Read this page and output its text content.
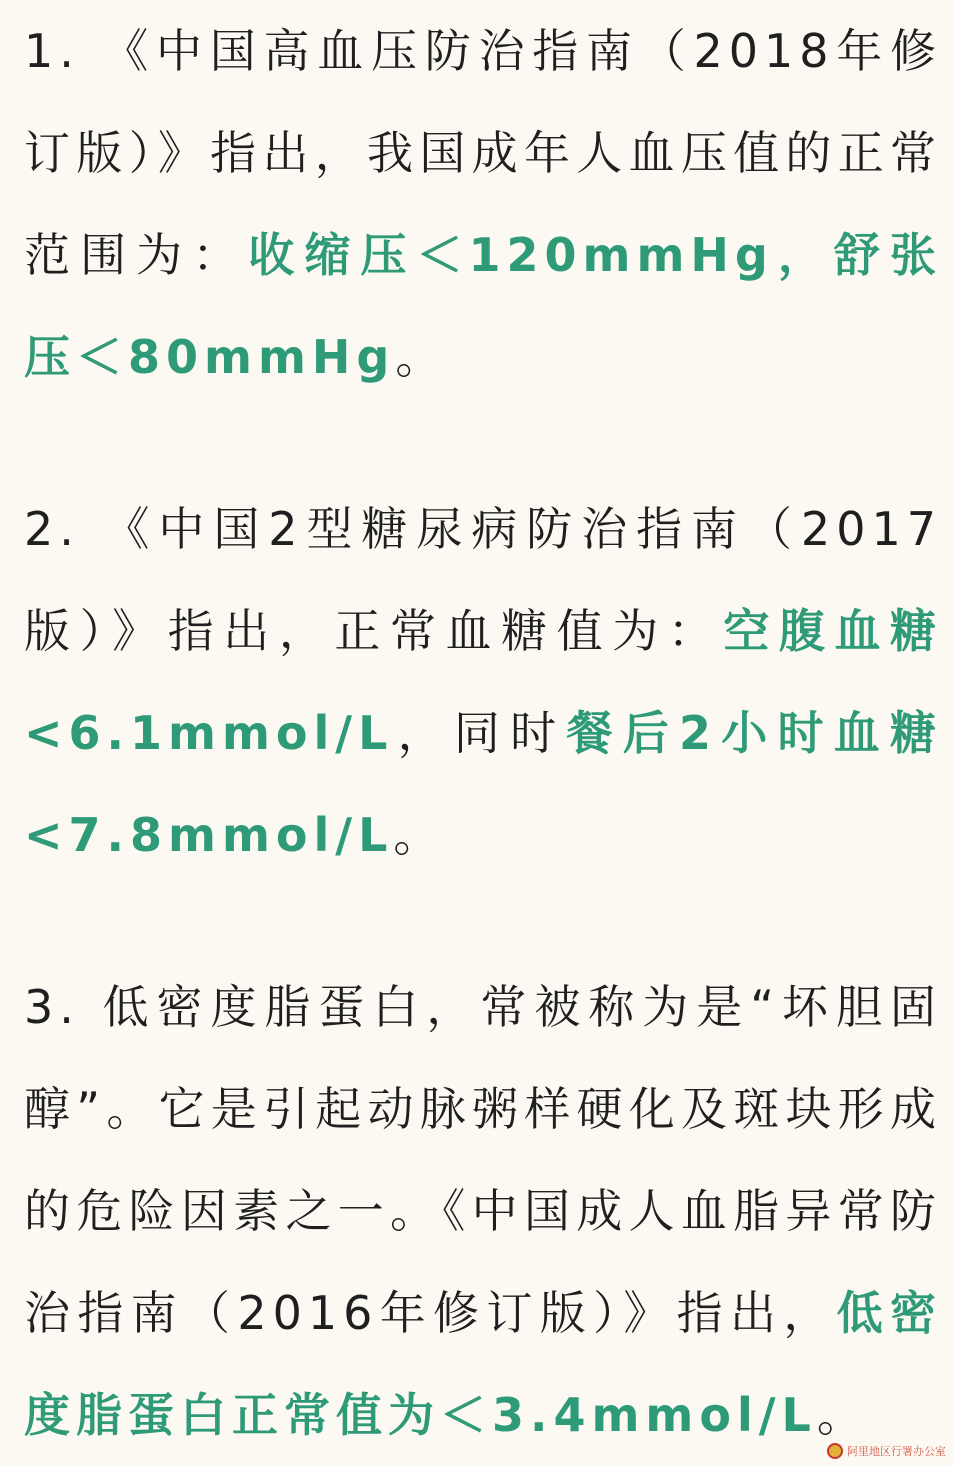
1. 《中国高血压防治指南（2018年修订版）》指出，我国成年人血压值的正常范围为：收缩压＜120mmHg，舒张压＜80mmHg。

2. 《中国2型糖尿病防治指南（2017版）》指出，正常血糖值为：空腹血糖<6.1mmol/L，同时餐后2小时血糖<7.8mmol/L。

3. 低密度脂蛋白，常被称为是“坏胆固醇”。它是引起动脉粥样硬化及斑块形成的危险因素之一。《中国成人血脂异常防治指南（2016年修订版）》指出，低密度脂蛋白正常值为＜3.4mmol/L。

阿里地区行署办公室
